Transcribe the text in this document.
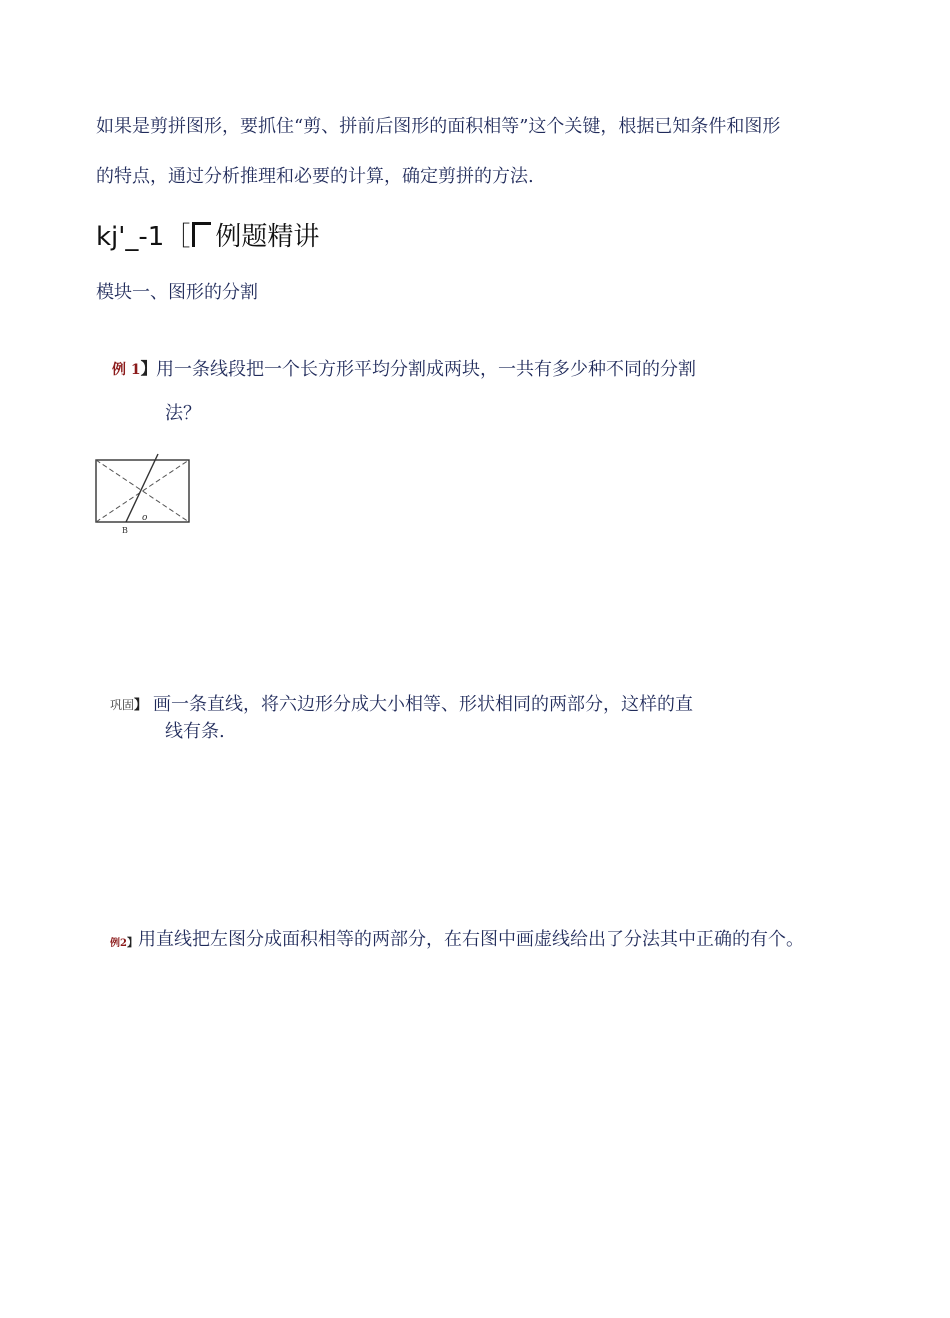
如果是剪拼图形，要抓住“剪、拼前后图形的面积相等”这个关键，根据已知条件和图形
的特点，通过分析推理和必要的计算，确定剪拼的方法.
kj'_-1［ 例题精讲
模块一、图形的分割
例 1】 用一条线段把一个长方形平均分割成两块，一共有多少种不同的分割
法？
B
o
巩固】 画一条直线，将六边形分成大小相等、形状相同的两部分，这样的直
线有条.
例2】 用直线把左图分成面积相等的两部分，在右图中画虚线给出了分法其中正确的有个。
